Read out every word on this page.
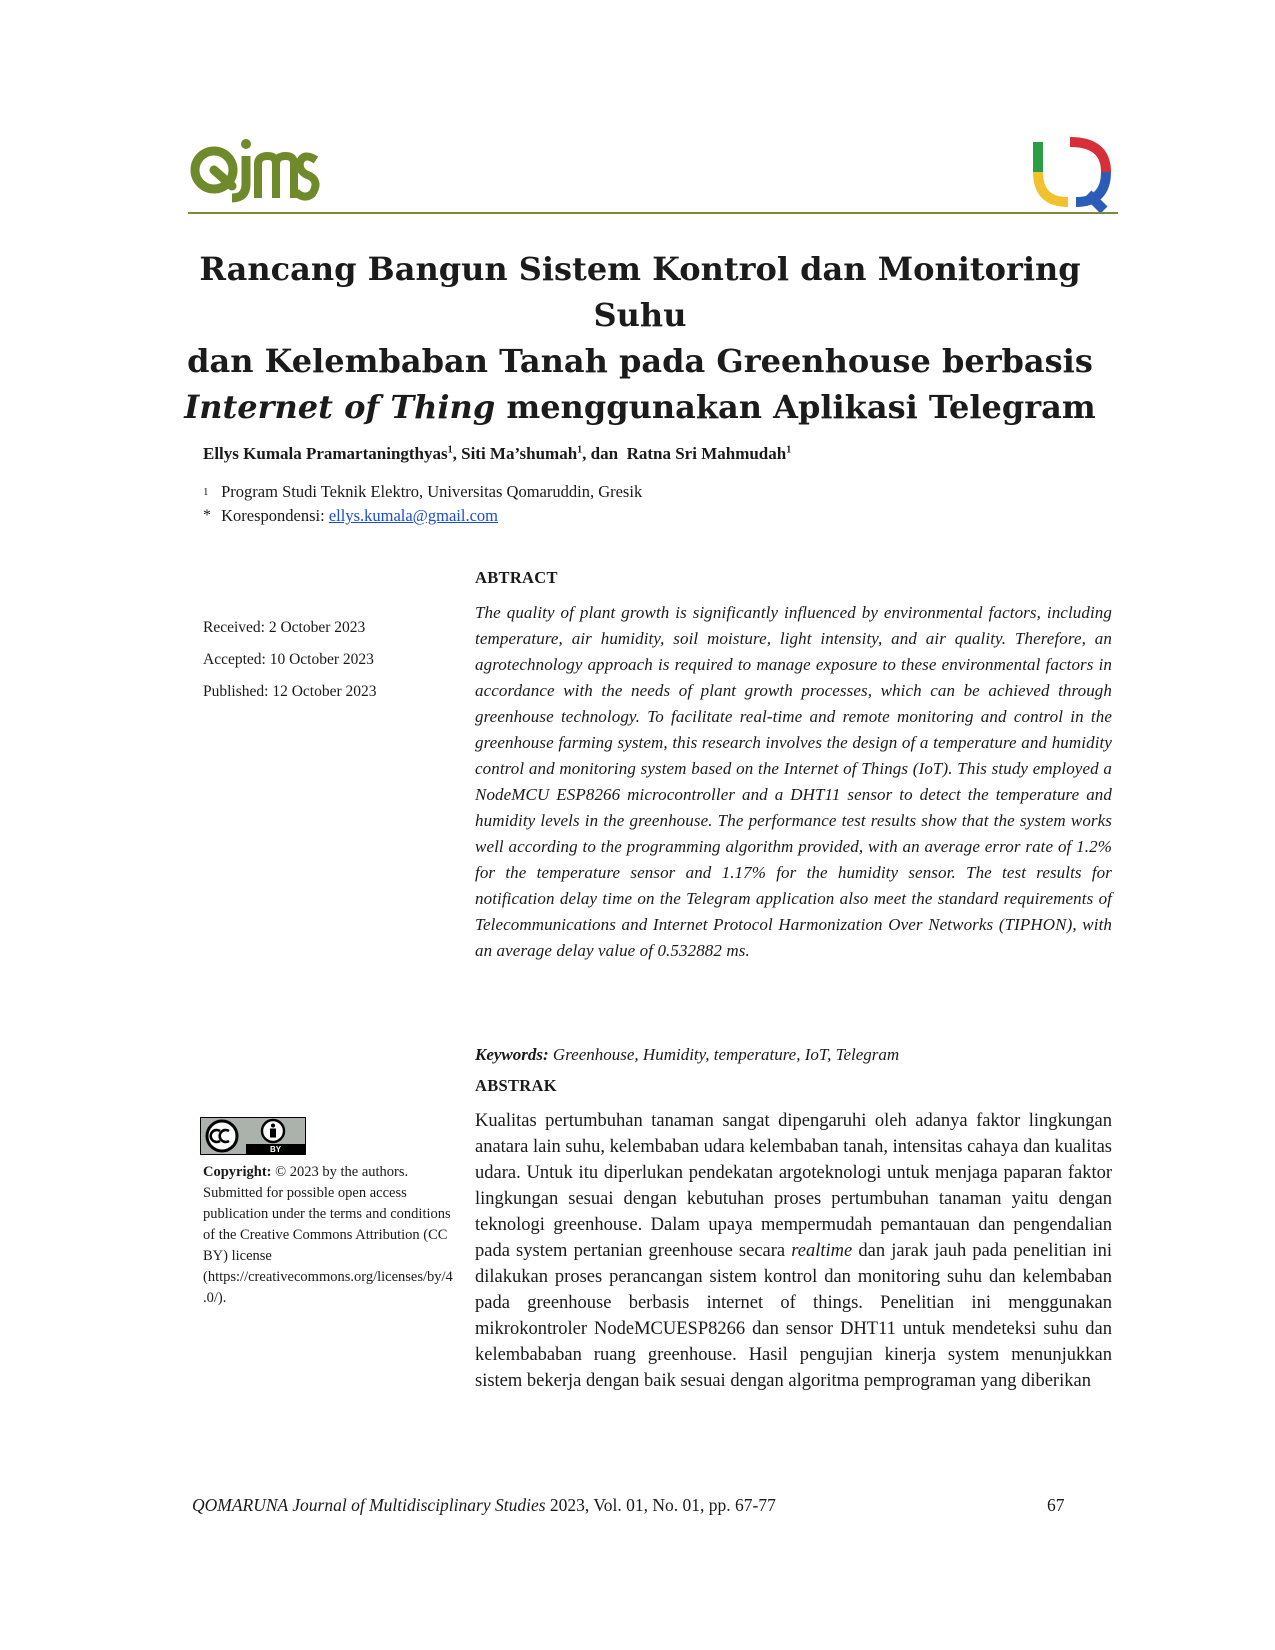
Rancang Bangun Sistem Kontrol dan Monitoring Suhu
dan Kelembaban Tanah pada Greenhouse berbasis
Internet of Thing menggunakan Aplikasi Telegram
Ellys Kumala Pramartaningthyas$^1$, Siti Ma’shumah$^1$, dan  Ratna Sri Mahmudah$^1$
1 Program Studi Teknik Elektro, Universitas Qomaruddin, Gresik
* Korespondensi: ellys.kumala@gmail.com
Received: 2 October 2023
Accepted: 10 October 2023
Published: 12 October 2023
ABTRACT
The quality of plant growth is significantly influenced by environmental factors, including temperature, air humidity, soil moisture, light intensity, and air quality. Therefore, an agrotechnology approach is required to manage exposure to these environmental factors in accordance with the needs of plant growth processes, which can be achieved through greenhouse technology. To facilitate real-time and remote monitoring and control in the greenhouse farming system, this research involves the design of a temperature and humidity control and monitoring system based on the Internet of Things (IoT). This study employed a NodeMCU ESP8266 microcontroller and a DHT11 sensor to detect the temperature and humidity levels in the greenhouse. The performance test results show that the system works well according to the programming algorithm provided, with an average error rate of 1.2% for the temperature sensor and 1.17% for the humidity sensor. The test results for notification delay time on the Telegram application also meet the standard requirements of Telecommunications and Internet Protocol Harmonization Over Networks (TIPHON), with an average delay value of 0.532882 ms.
Keywords: Greenhouse, Humidity, temperature, IoT, Telegram
ABSTRAK
Kualitas pertumbuhan tanaman sangat dipengaruhi oleh adanya faktor lingkungan anatara lain suhu, kelembaban udara kelembaban tanah, intensitas cahaya dan kualitas udara. Untuk itu diperlukan pendekatan argoteknologi untuk menjaga paparan faktor lingkungan sesuai dengan kebutuhan proses pertumbuhan tanaman yaitu dengan teknologi greenhouse. Dalam upaya mempermudah pemantauan dan pengendalian pada system pertanian greenhouse secara realtime dan jarak jauh pada penelitian ini dilakukan proses perancangan sistem kontrol dan monitoring suhu dan kelembaban pada greenhouse berbasis internet of things. Penelitian ini menggunakan mikrokontroler NodeMCUESP8266 dan sensor DHT11 untuk mendeteksi suhu dan kelembababan ruang greenhouse. Hasil pengujian kinerja system menunjukkan sistem bekerja dengan baik sesuai dengan algoritma pemprograman yang diberikan
BY
Copyright: © 2023 by the authors. Submitted for possible open access publication under the terms and conditions of the Creative Commons Attribution (CC BY) license (https://creativecommons.org/licenses/by/4.0/).
QOMARUNA Journal of Multidisciplinary Studies 2023, Vol. 01, No. 01, pp. 67-77	67
